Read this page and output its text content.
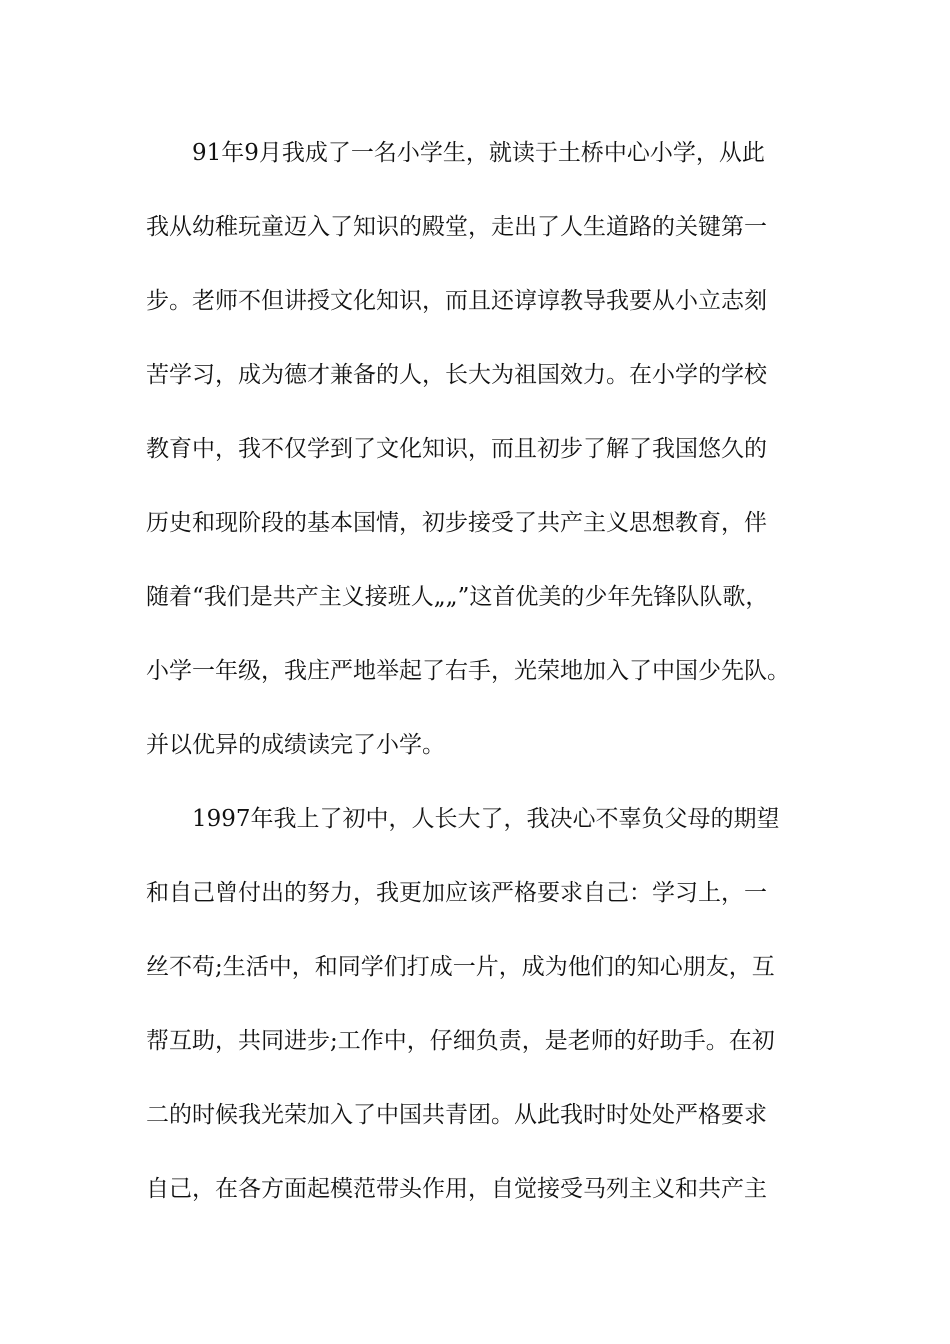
91年9月我成了一名小学生，就读于土桥中心小学，从此
我从幼稚玩童迈入了知识的殿堂，走出了人生道路的关键第一
步。老师不但讲授文化知识，而且还谆谆教导我要从小立志刻
苦学习，成为德才兼备的人，长大为祖国效力。在小学的学校
教育中，我不仅学到了文化知识，而且初步了解了我国悠久的
历史和现阶段的基本国情，初步接受了共产主义思想教育，伴
随着“我们是共产主义接班人„„”这首优美的少年先锋队队歌，
小学一年级，我庄严地举起了右手，光荣地加入了中国少先队。
并以优异的成绩读完了小学。
1997年我上了初中，人长大了，我决心不辜负父母的期望
和自己曾付出的努力，我更加应该严格要求自己：学习上，一
丝不苟;生活中，和同学们打成一片，成为他们的知心朋友，互
帮互助，共同进步;工作中，仔细负责，是老师的好助手。在初
二的时候我光荣加入了中国共青团。从此我时时处处严格要求
自己，在各方面起模范带头作用，自觉接受马列主义和共产主
